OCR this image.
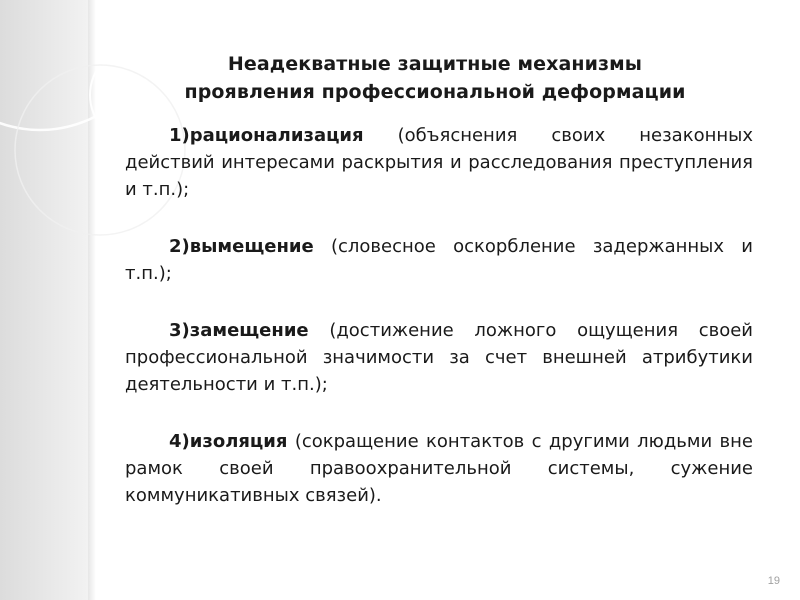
Неадекватные защитные механизмы
проявления профессиональной деформации

1)рационализация (объяснения своих незаконных действий интересами раскрытия и расследования преступления и т.п.);

2)вымещение (словесное оскорбление задержанных и т.п.);

3)замещение (достижение ложного ощущения своей профессиональной значимости за счет внешней атрибутики деятельности и т.п.);

4)изоляция (сокращение контактов с другими людьми вне рамок своей правоохранительной системы, сужение коммуникативных связей).

19
